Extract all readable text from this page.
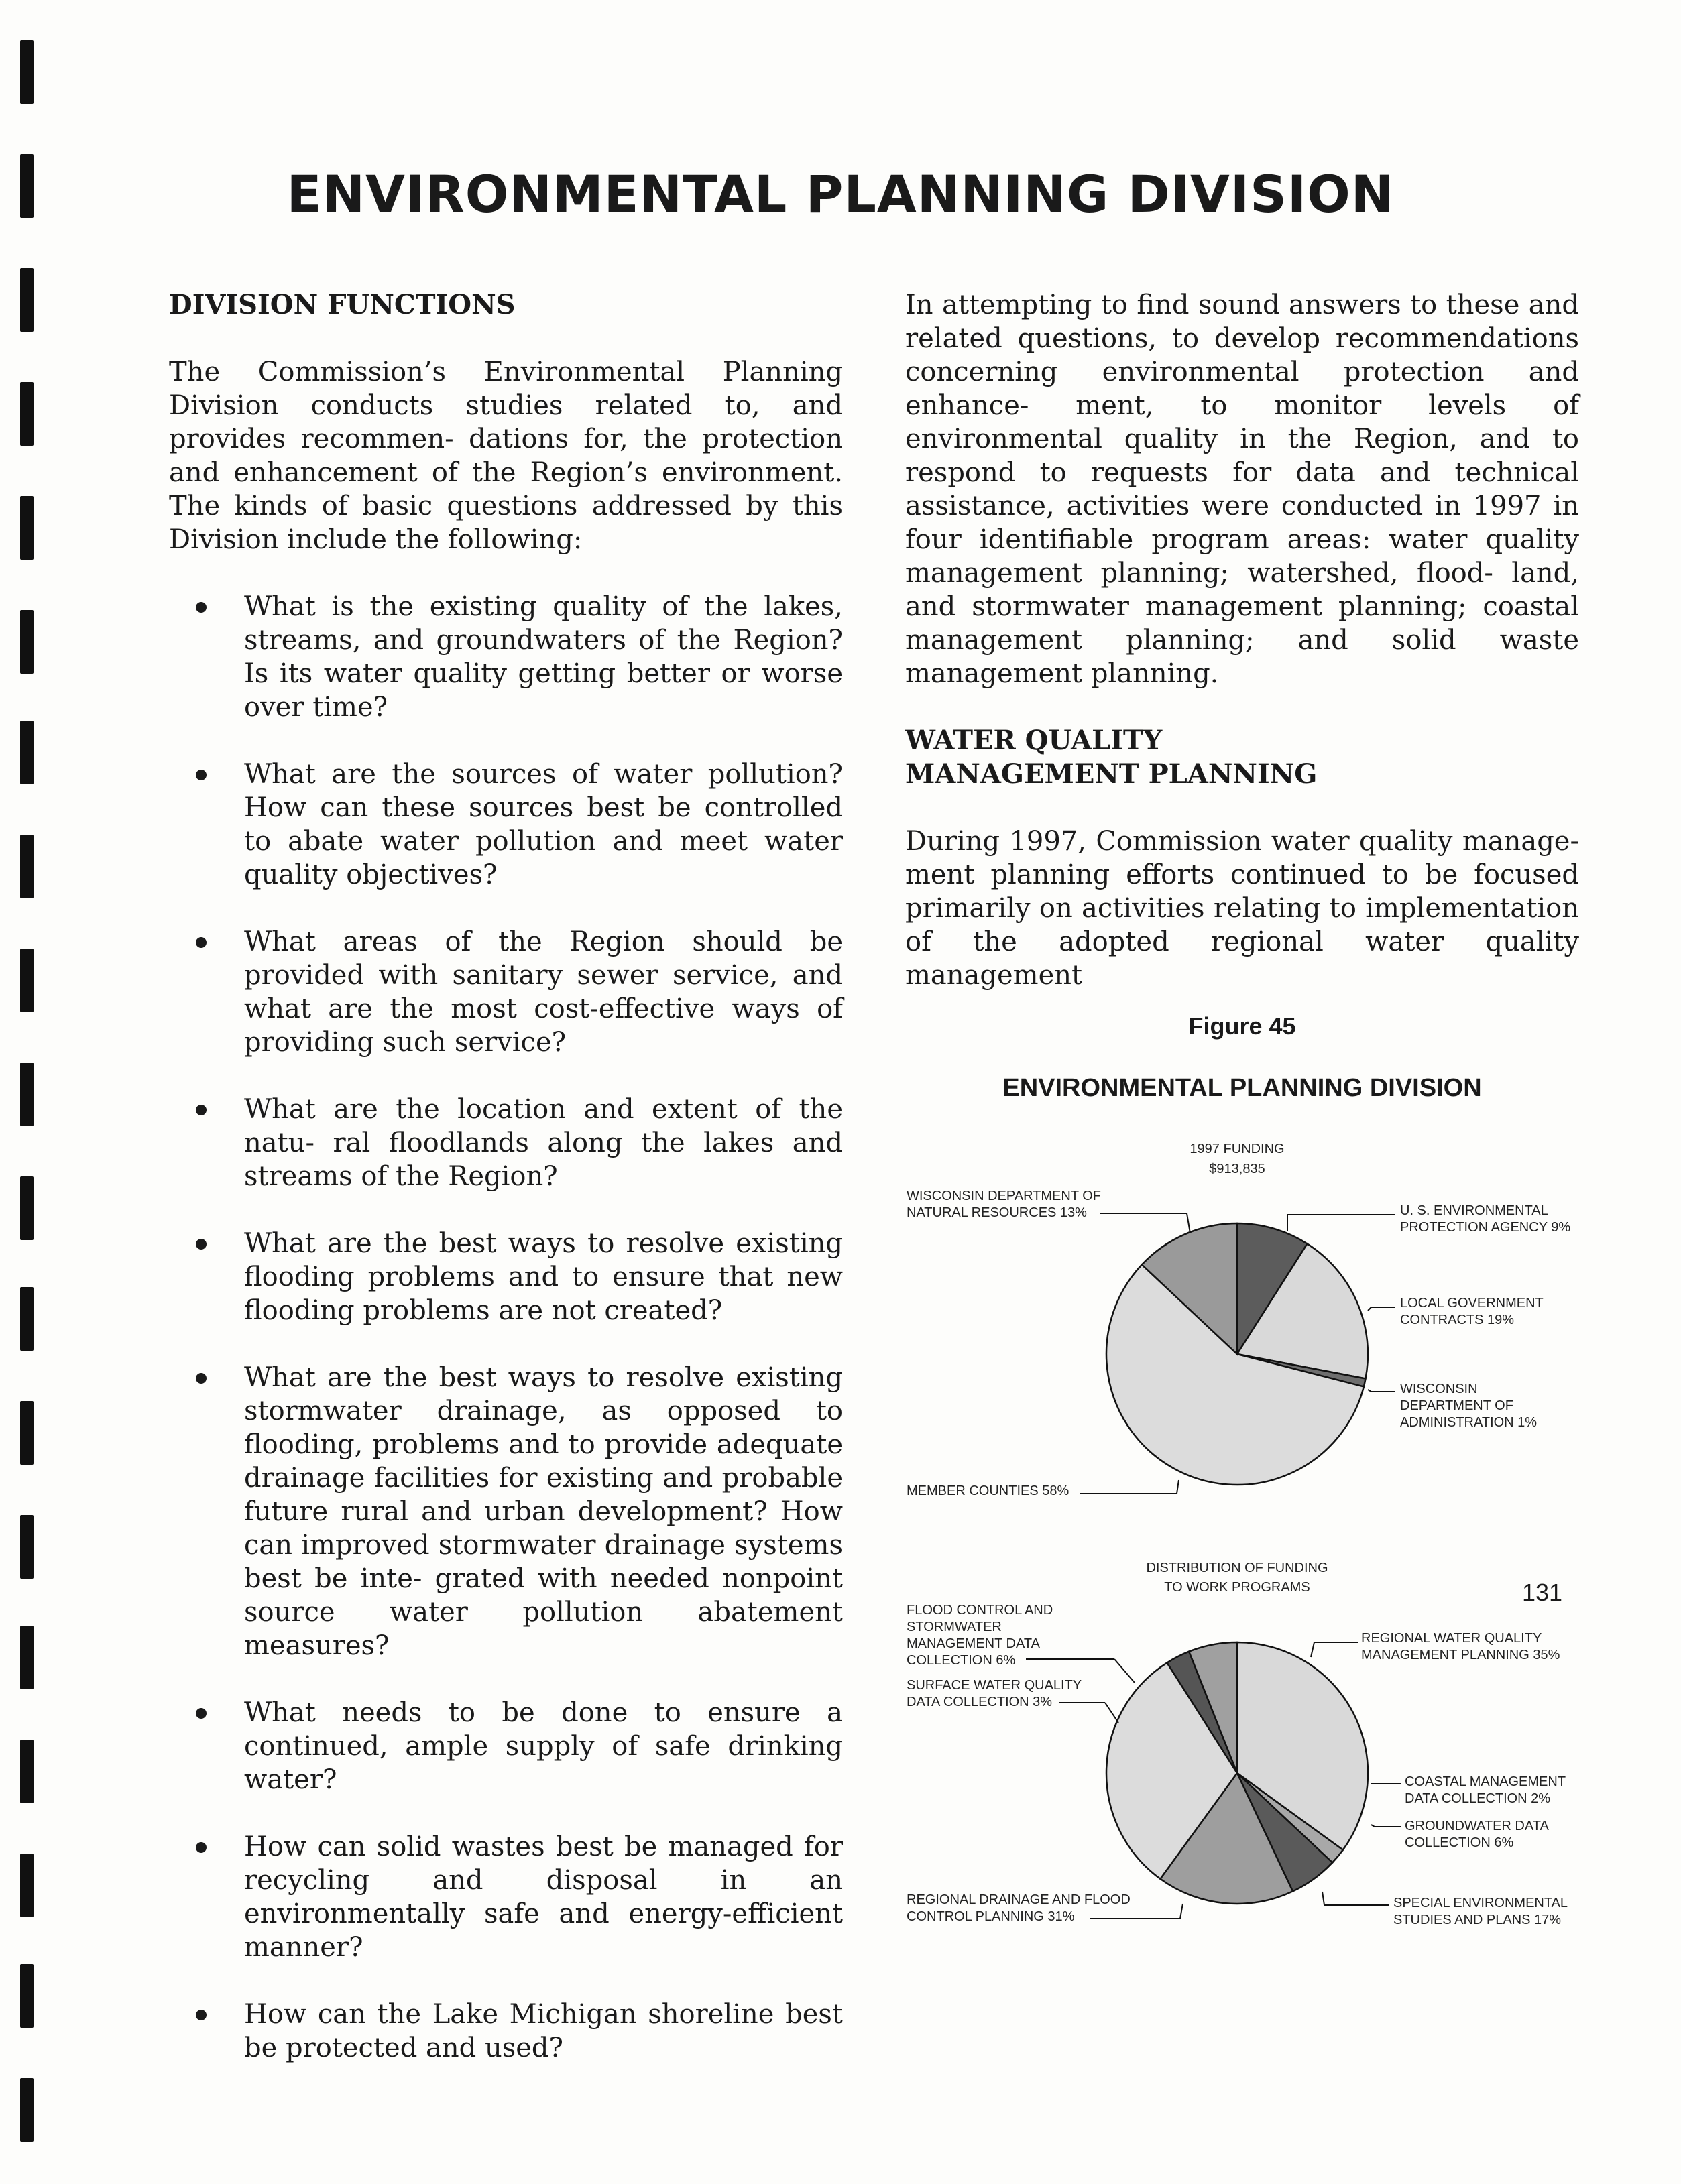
ENVIRONMENTAL PLANNING DIVISION
DIVISION FUNCTIONS

The Commission’s Environmental Planning Division conducts studies related to, and provides recommen- dations for, the protection and enhancement of the Region’s environment. The kinds of basic questions addressed by this Division include the following:

What is the existing quality of the lakes, streams, and groundwaters of the Region? Is its water quality getting better or worse over time?
What are the sources of water pollution? How can these sources best be controlled to abate water pollution and meet water quality objectives?
What areas of the Region should be provided with sanitary sewer service, and what are the most cost-effective ways of providing such service?
What are the location and extent of the natu- ral floodlands along the lakes and streams of the Region?
What are the best ways to resolve existing flooding problems and to ensure that new flooding problems are not created?
What are the best ways to resolve existing stormwater drainage, as opposed to flooding, problems and to provide adequate drainage facilities for existing and probable future rural and urban development? How can improved stormwater drainage systems best be inte- grated with needed nonpoint source water pollution abatement measures?
What needs to be done to ensure a continued, ample supply of safe drinking water?
How can solid wastes best be managed for recycling and disposal in an environmentally safe and energy-efficient manner?
How can the Lake Michigan shoreline best be protected and used?

In attempting to find sound answers to these and related questions, to develop recommendations concerning environmental protection and enhance- ment, to monitor levels of environmental quality in the Region, and to respond to requests for data and technical assistance, activities were conducted in 1997 in four identifiable program areas: water quality management planning; watershed, flood- land, and stormwater management planning; coastal management planning; and solid waste management planning.

WATER QUALITY
MANAGEMENT PLANNING

During 1997, Commission water quality manage- ment planning efforts continued to be focused primarily on activities relating to implementation of the adopted regional water quality management

Figure 45
ENVIRONMENTAL PLANNING DIVISION
1997 FUNDING
$913,835
U. S. ENVIRONMENTAL
PROTECTION AGENCY 9%
LOCAL GOVERNMENT
CONTRACTS 19%
WISCONSIN
DEPARTMENT OF
ADMINISTRATION 1%
MEMBER COUNTIES 58%
WISCONSIN DEPARTMENT OF
NATURAL RESOURCES 13%
DISTRIBUTION OF FUNDING
TO WORK PROGRAMS
REGIONAL WATER QUALITY
MANAGEMENT PLANNING 35%
COASTAL MANAGEMENT
DATA COLLECTION 2%
GROUNDWATER DATA
COLLECTION 6%
SPECIAL ENVIRONMENTAL
STUDIES AND PLANS 17%
REGIONAL DRAINAGE AND FLOOD
CONTROL PLANNING 31%
SURFACE WATER QUALITY
DATA COLLECTION 3%
FLOOD CONTROL AND
STORMWATER
MANAGEMENT DATA
COLLECTION 6%
131
